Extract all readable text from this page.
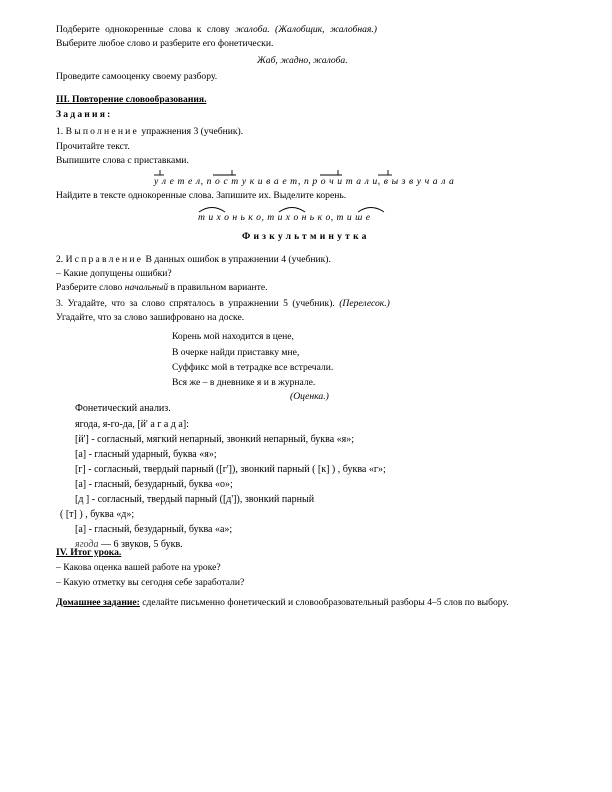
Подберите однокоренные слова к слову жалоба. (Жалобщик, жалобная.)
Выберите любое слово и разберите его фонетически.
Жаб, жадно, жалоба.
Проведите самооценку своему разбору.
III. Повторение словообразования.
Задания:
1. Выполнение упражнения 3 (учебник).
Прочитайте текст.
Выпишите слова с приставками.
у л е т е л, п о с т у к и в а е т, п р о ч и т а л и, в ы з в у ч а л а
Найдите в тексте однокоренные слова. Запишите их. Выделите корень.
т и х о н ь к о, т и х о н ь к о, т и ш е
Физкультминутка
2. Исправление В данных ошибок в упражнении 4 (учебник).
– Какие допущены ошибки?
Разберите слово начальный в правильном варианте.
3. Угадайте, что за слово спряталось в упражнении 5 (учебник). (Перелесок.)
Угадайте, что за слово зашифровано на доске.
Корень мой находится в цене,
В очерке найди приставку мне,
Суффикс мой в тетрадке все встречали.
Вся же – в дневнике я и в журнале.
(Оценка.)
Фонетический анализ.
ягода, я-го-да, [й' а г а д а]:
[й'] - согласный, мягкий непарный, звонкий непарный, буква «я»;
[а] - гласный ударный, буква «я»;
[г] - согласный, твердый парный ([г']), звонкий парный ( [к] ) , буква «г»;
[а] - гласный, безударный, буква «о»;
[д ] - согласный, твердый парный ([д']), звонкий парный
( [т] ) , буква «д»;
[а] - гласный, безударный, буква «а»;
ягода — 6 звуков, 5 букв.
IV. Итог урока.
– Какова оценка вашей работе на уроке?
– Какую отметку вы сегодня себе заработали?
Домашнее задание: сделайте письменно фонетический и словообразовательный разборы 4–5 слов по выбору.
